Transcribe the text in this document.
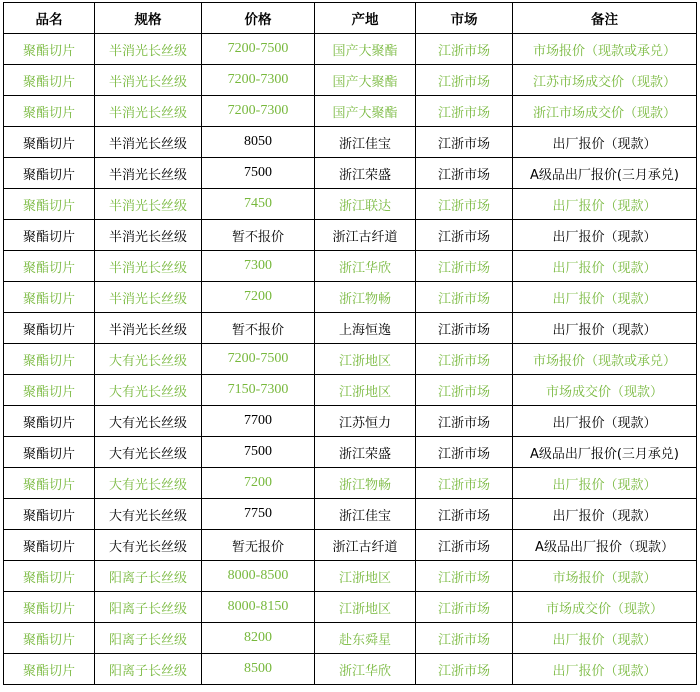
品名	规格	价格	产地	市场	备注
聚酯切片	半消光长丝级	7200-7500	国产大聚酯	江浙市场	市场报价（现款或承兑）
聚酯切片	半消光长丝级	7200-7300	国产大聚酯	江浙市场	江苏市场成交价（现款）
聚酯切片	半消光长丝级	7200-7300	国产大聚酯	江浙市场	浙江市场成交价（现款）
聚酯切片	半消光长丝级	8050	浙江佳宝	江浙市场	出厂报价（现款）
聚酯切片	半消光长丝级	7500	浙江荣盛	江浙市场	A级品出厂报价(三月承兑)
聚酯切片	半消光长丝级	7450	浙江联达	江浙市场	出厂报价（现款）
聚酯切片	半消光长丝级	暂不报价	浙江古纤道	江浙市场	出厂报价（现款）
聚酯切片	半消光长丝级	7300	浙江华欣	江浙市场	出厂报价（现款）
聚酯切片	半消光长丝级	7200	浙江物畅	江浙市场	出厂报价（现款）
聚酯切片	半消光长丝级	暂不报价	上海恒逸	江浙市场	出厂报价（现款）
聚酯切片	大有光长丝级	7200-7500	江浙地区	江浙市场	市场报价（现款或承兑）
聚酯切片	大有光长丝级	7150-7300	江浙地区	江浙市场	市场成交价（现款）
聚酯切片	大有光长丝级	7700	江苏恒力	江浙市场	出厂报价（现款）
聚酯切片	大有光长丝级	7500	浙江荣盛	江浙市场	A级品出厂报价(三月承兑)
聚酯切片	大有光长丝级	7200	浙江物畅	江浙市场	出厂报价（现款）
聚酯切片	大有光长丝级	7750	浙江佳宝	江浙市场	出厂报价（现款）
聚酯切片	大有光长丝级	暂无报价	浙江古纤道	江浙市场	A级品出厂报价（现款）
聚酯切片	阳离子长丝级	8000-8500	江浙地区	江浙市场	市场报价（现款）
聚酯切片	阳离子长丝级	8000-8150	江浙地区	江浙市场	市场成交价（现款）
聚酯切片	阳离子长丝级	8200	赴东舜星	江浙市场	出厂报价（现款）
聚酯切片	阳离子长丝级	8500	浙江华欣	江浙市场	出厂报价（现款）
